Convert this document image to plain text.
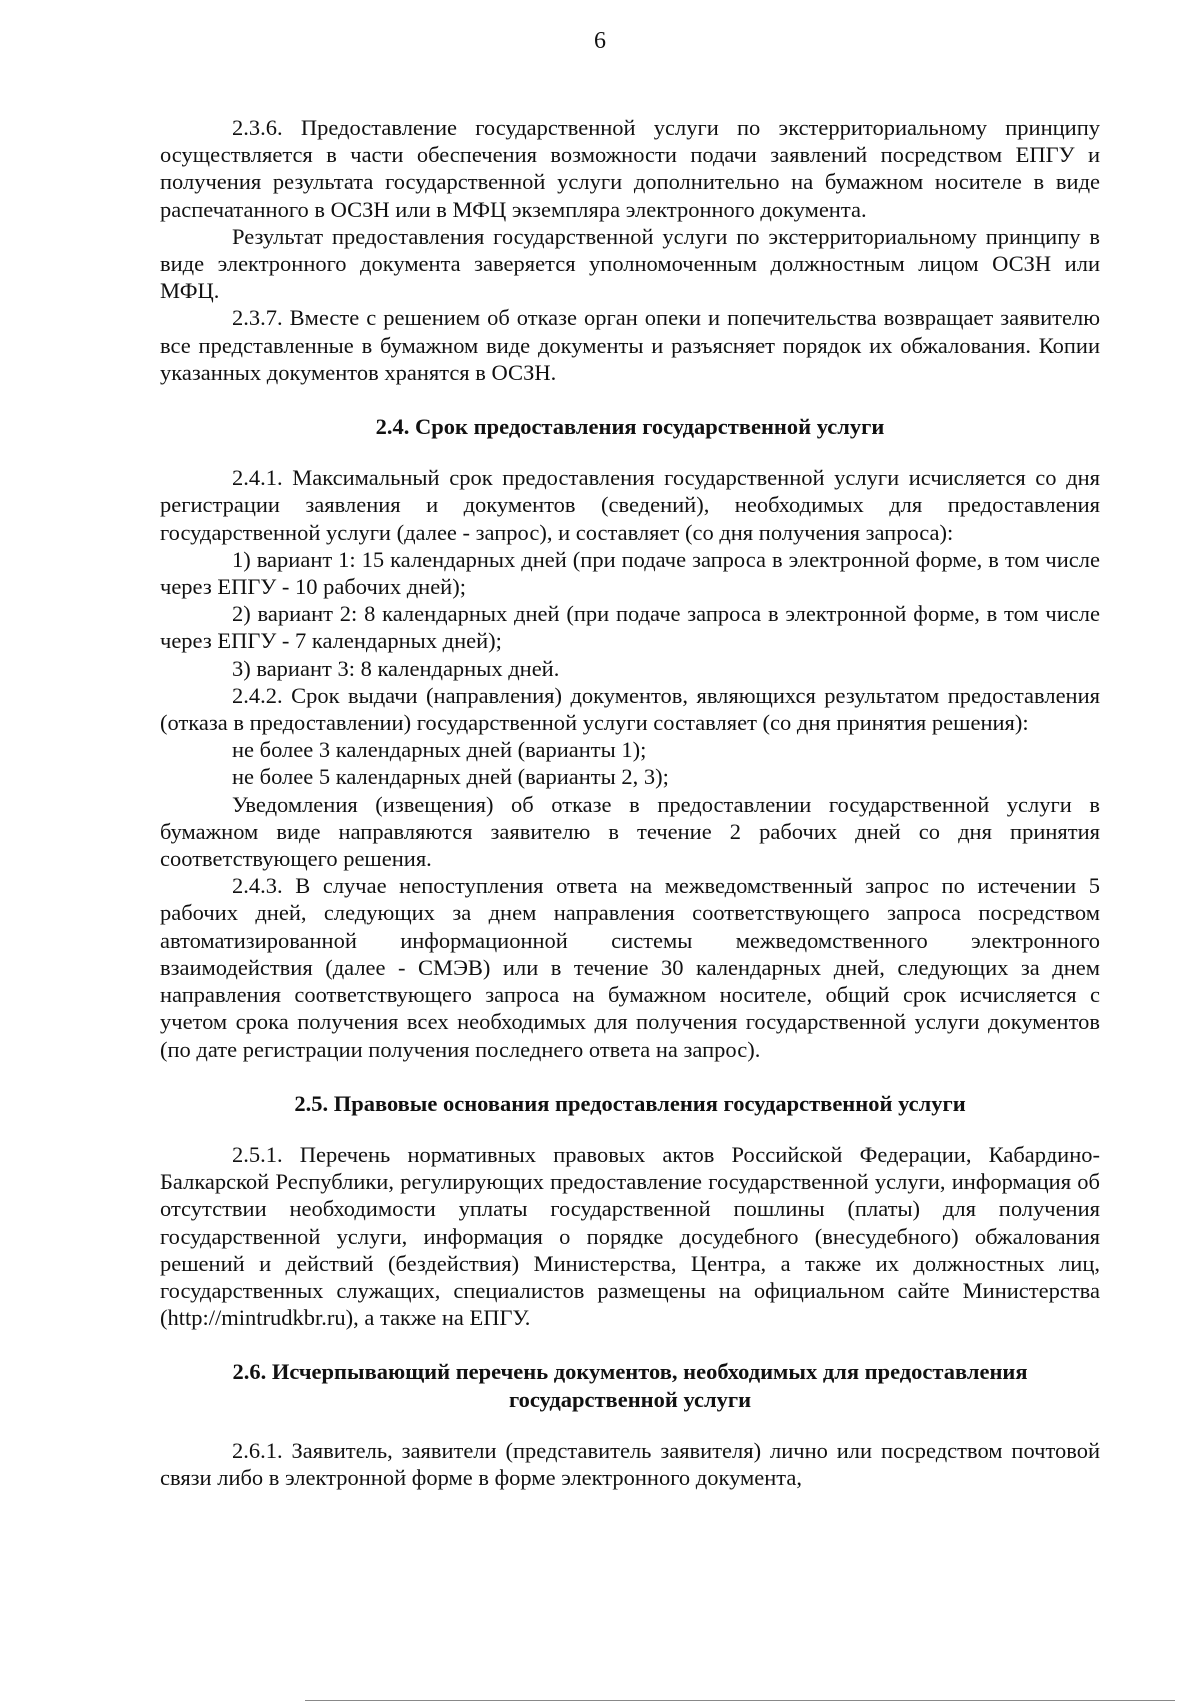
6

2.3.6. Предоставление государственной услуги по экстерриториальному принципу осуществляется в части обеспечения возможности подачи заявлений посредством ЕПГУ и получения результата государственной услуги дополнительно на бумажном носителе в виде распечатанного в ОСЗН или в МФЦ экземпляра электронного документа.

Результат предоставления государственной услуги по экстерриториальному принципу в виде электронного документа заверяется уполномоченным должностным лицом ОСЗН или МФЦ.

2.3.7. Вместе с решением об отказе орган опеки и попечительства возвращает заявителю все представленные в бумажном виде документы и разъясняет порядок их обжалования. Копии указанных документов хранятся в ОСЗН.

2.4. Срок предоставления государственной услуги

2.4.1. Максимальный срок предоставления государственной услуги исчисляется со дня регистрации заявления и документов (сведений), необходимых для предоставления государственной услуги (далее - запрос), и составляет (со дня получения запроса):

1) вариант 1: 15 календарных дней (при подаче запроса в электронной форме, в том числе через ЕПГУ - 10 рабочих дней);

2) вариант 2: 8 календарных дней (при подаче запроса в электронной форме, в том числе через ЕПГУ - 7 календарных дней);

3) вариант 3: 8 календарных дней.

2.4.2. Срок выдачи (направления) документов, являющихся результатом предоставления (отказа в предоставлении) государственной услуги составляет (со дня принятия решения):

не более 3 календарных дней (варианты 1);

не более 5 календарных дней (варианты 2, 3);

Уведомления (извещения) об отказе в предоставлении государственной услуги в бумажном виде направляются заявителю в течение 2 рабочих дней со дня принятия соответствующего решения.

2.4.3. В случае непоступления ответа на межведомственный запрос по истечении 5 рабочих дней, следующих за днем направления соответствующего запроса посредством автоматизированной информационной системы межведомственного электронного взаимодействия (далее - СМЭВ) или в течение 30 календарных дней, следующих за днем направления соответствующего запроса на бумажном носителе, общий срок исчисляется с учетом срока получения всех необходимых для получения государственной услуги документов (по дате регистрации получения последнего ответа на запрос).

2.5. Правовые основания предоставления государственной услуги

2.5.1. Перечень нормативных правовых актов Российской Федерации, Кабардино-Балкарской Республики, регулирующих предоставление государственной услуги, информация об отсутствии необходимости уплаты государственной пошлины (платы) для получения государственной услуги, информация о порядке досудебного (внесудебного) обжалования решений и действий (бездействия) Министерства, Центра, а также их должностных лиц, государственных служащих, специалистов размещены на официальном сайте Министерства (http://mintrudkbr.ru), а также на ЕПГУ.

2.6. Исчерпывающий перечень документов, необходимых для предоставления
государственной услуги

2.6.1. Заявитель, заявители (представитель заявителя) лично или посредством почтовой связи либо в электронной форме в форме электронного документа,
